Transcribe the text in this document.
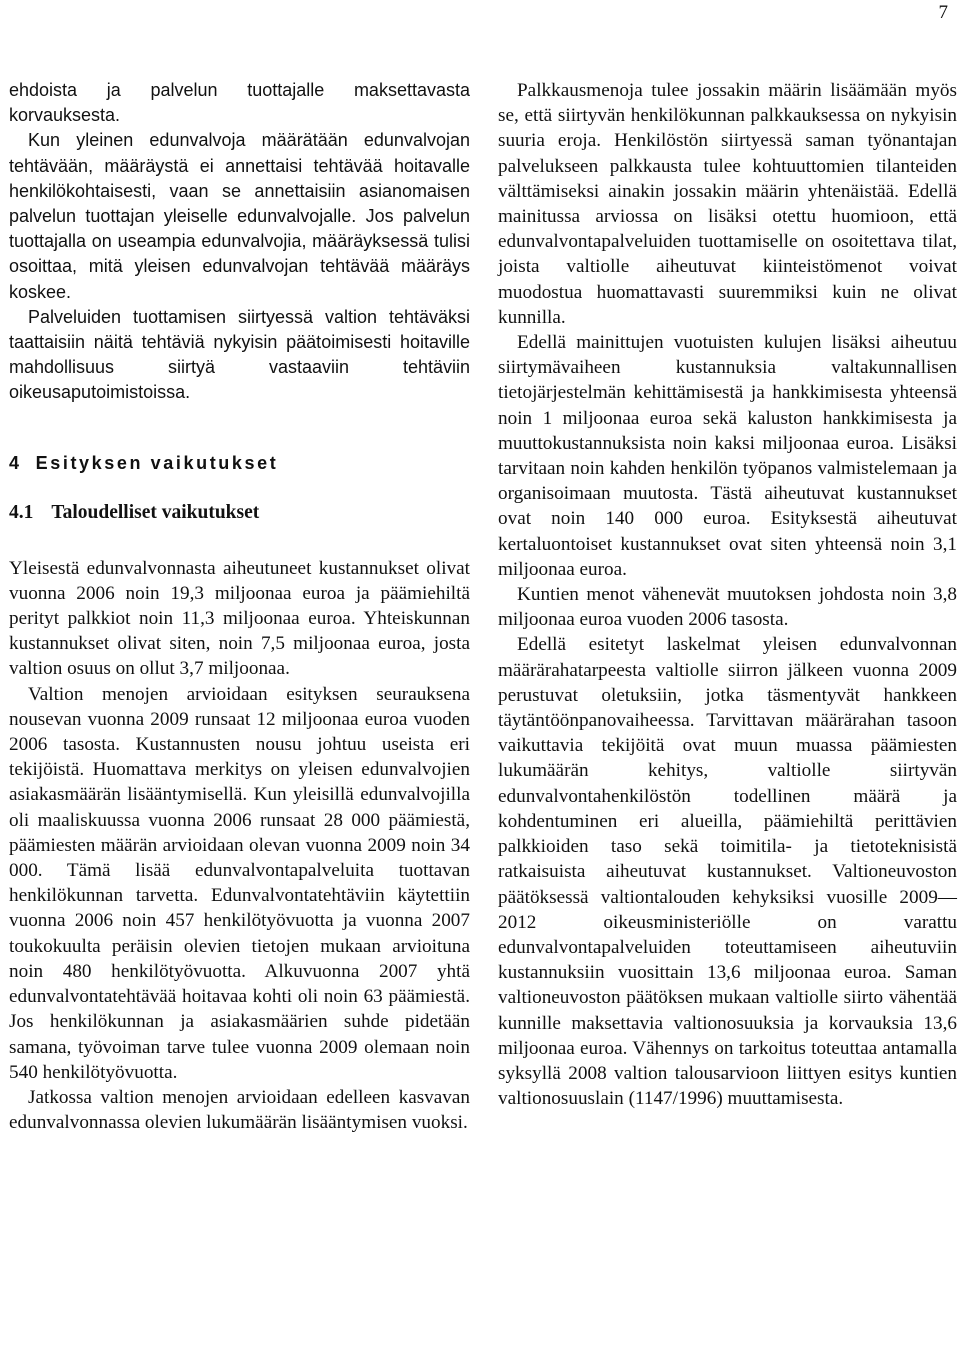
7

ehdoista ja palvelun tuottajalle maksettavasta korvauksesta.

Kun yleinen edunvalvoja määrätään edunvalvojan tehtävään, määräystä ei annettaisi tehtävää hoitavalle henkilökohtaisesti, vaan se annettaisiin asianomaisen palvelun tuottajan yleiselle edunvalvojalle. Jos palvelun tuottajalla on useampia edunvalvojia, määräyksessä tulisi osoittaa, mitä yleisen edunvalvojan tehtävää määräys koskee.

Palveluiden tuottamisen siirtyessä valtion tehtäväksi taattaisiin näitä tehtäviä nykyisin päätoimisesti hoitaville mahdollisuus siirtyä vastaaviin tehtäviin oikeusaputoimistoissa.

4 Esityksen vaikutukset
4.1 Taloudelliset vaikutukset

Yleisestä edunvalvonnasta aiheutuneet kustannukset olivat vuonna 2006 noin 19,3 miljoonaa euroa ja päämiehiltä perityt palkkiot noin 11,3 miljoonaa euroa. Yhteiskunnan kustannukset olivat siten, noin 7,5 miljoonaa euroa, josta valtion osuus on ollut 3,7 miljoonaa.

Valtion menojen arvioidaan esityksen seurauksena nousevan vuonna 2009 runsaat 12 miljoonaa euroa vuoden 2006 tasosta. Kustannusten nousu johtuu useista eri tekijöistä. Huomattava merkitys on yleisen edunvalvojien asiakasmäärän lisääntymisellä. Kun yleisillä edunvalvojilla oli maaliskuussa vuonna 2006 runsaat 28 000 päämiestä, päämiesten määrän arvioidaan olevan vuonna 2009 noin 34 000. Tämä lisää edunvalvontapalveluita tuottavan henkilökunnan tarvetta. Edunvalvontatehtäviin käytettiin vuonna 2006 noin 457 henkilötyövuotta ja vuonna 2007 toukokuulta peräisin olevien tietojen mukaan arvioituna noin 480 henkilötyövuotta. Alkuvuonna 2007 yhtä edunvalvontatehtävää hoitavaa kohti oli noin 63 päämiestä. Jos henkilökunnan ja asiakasmäärien suhde pidetään samana, työvoiman tarve tulee vuonna 2009 olemaan noin 540 henkilötyövuotta.

Jatkossa valtion menojen arvioidaan edelleen kasvavan edunvalvonnassa olevien lukumäärän lisääntymisen vuoksi.

Palkkausmenoja tulee jossakin määrin lisäämään myös se, että siirtyvän henkilökunnan palkkauksessa on nykyisin suuria eroja. Henkilöstön siirtyessä saman työnantajan palvelukseen palkkausta tulee kohtuuttomien tilanteiden välttämiseksi ainakin jossakin määrin yhtenäistää. Edellä mainitussa arviossa on lisäksi otettu huomioon, että edunvalvontapalveluiden tuottamiselle on osoitettava tilat, joista valtiolle aiheutuvat kiinteistömenot voivat muodostua huomattavasti suuremmiksi kuin ne olivat kunnilla.

Edellä mainittujen vuotuisten kulujen lisäksi aiheutuu siirtymävaiheen kustannuksia valtakunnallisen tietojärjestelmän kehittämisestä ja hankkimisesta yhteensä noin 1 miljoonaa euroa sekä kaluston hankkimisesta ja muuttokustannuksista noin kaksi miljoonaa euroa. Lisäksi tarvitaan noin kahden henkilön työpanos valmistelemaan ja organisoimaan muutosta. Tästä aiheutuvat kustannukset ovat noin 140 000 euroa. Esityksestä aiheutuvat kertaluontoiset kustannukset ovat siten yhteensä noin 3,1 miljoonaa euroa.

Kuntien menot vähenevät muutoksen johdosta noin 3,8 miljoonaa euroa vuoden 2006 tasosta.

Edellä esitetyt laskelmat yleisen edunvalvonnan määrärahatarpeesta valtiolle siirron jälkeen vuonna 2009 perustuvat oletuksiin, jotka täsmentyvät hankkeen täytäntöönpanovaiheessa. Tarvittavan määrärahan tasoon vaikuttavia tekijöitä ovat muun muassa päämiesten lukumäärän kehitys, valtiolle siirtyvän edunvalvontahenkilöstön todellinen määrä ja kohdentuminen eri alueilla, päämiehiltä perittävien palkkioiden taso sekä toimitila- ja tietoteknisistä ratkaisuista aiheutuvat kustannukset. Valtioneuvoston päätöksessä valtiontalouden kehyksiksi vuosille 2009—2012 oikeusministeriölle on varattu edunvalvontapalveluiden toteuttamiseen aiheutuviin kustannuksiin vuosittain 13,6 miljoonaa euroa. Saman valtioneuvoston päätöksen mukaan valtiolle siirto vähentää kunnille maksettavia valtionosuuksia ja korvauksia 13,6 miljoonaa euroa. Vähennys on tarkoitus toteuttaa antamalla syksyllä 2008 valtion talousarvioon liittyen esitys kuntien valtionosuuslain (1147/1996) muuttamisesta.
